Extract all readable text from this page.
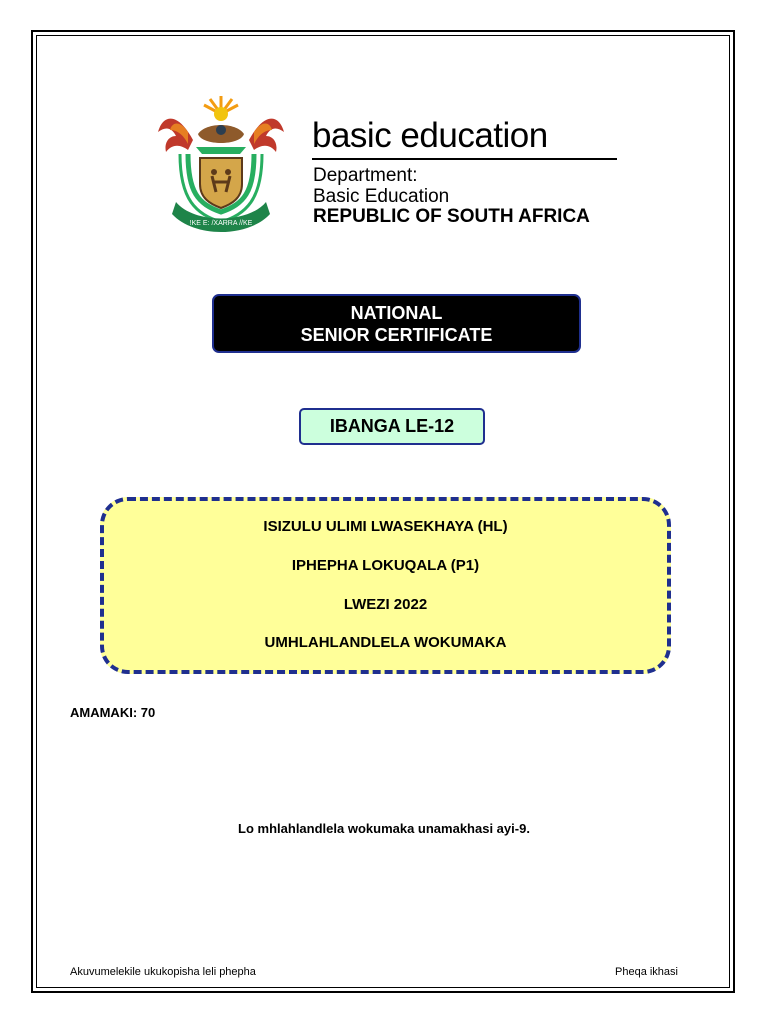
!KE E: /XARRA //KE
basic education
Department:
Basic Education
REPUBLIC OF SOUTH AFRICA
NATIONAL
SENIOR CERTIFICATE
IBANGA LE-12
ISIZULU ULIMI LWASEKHAYA (HL)
IPHEPHA LOKUQALA (P1)
LWEZI 2022
UMHLAHLANDLELA WOKUMAKA
AMAMAKI: 70
Lo mhlahlandlela wokumaka unamakhasi ayi-9.
Akuvumelekile ukukopisha leli phepha	Pheqa ikhasi
